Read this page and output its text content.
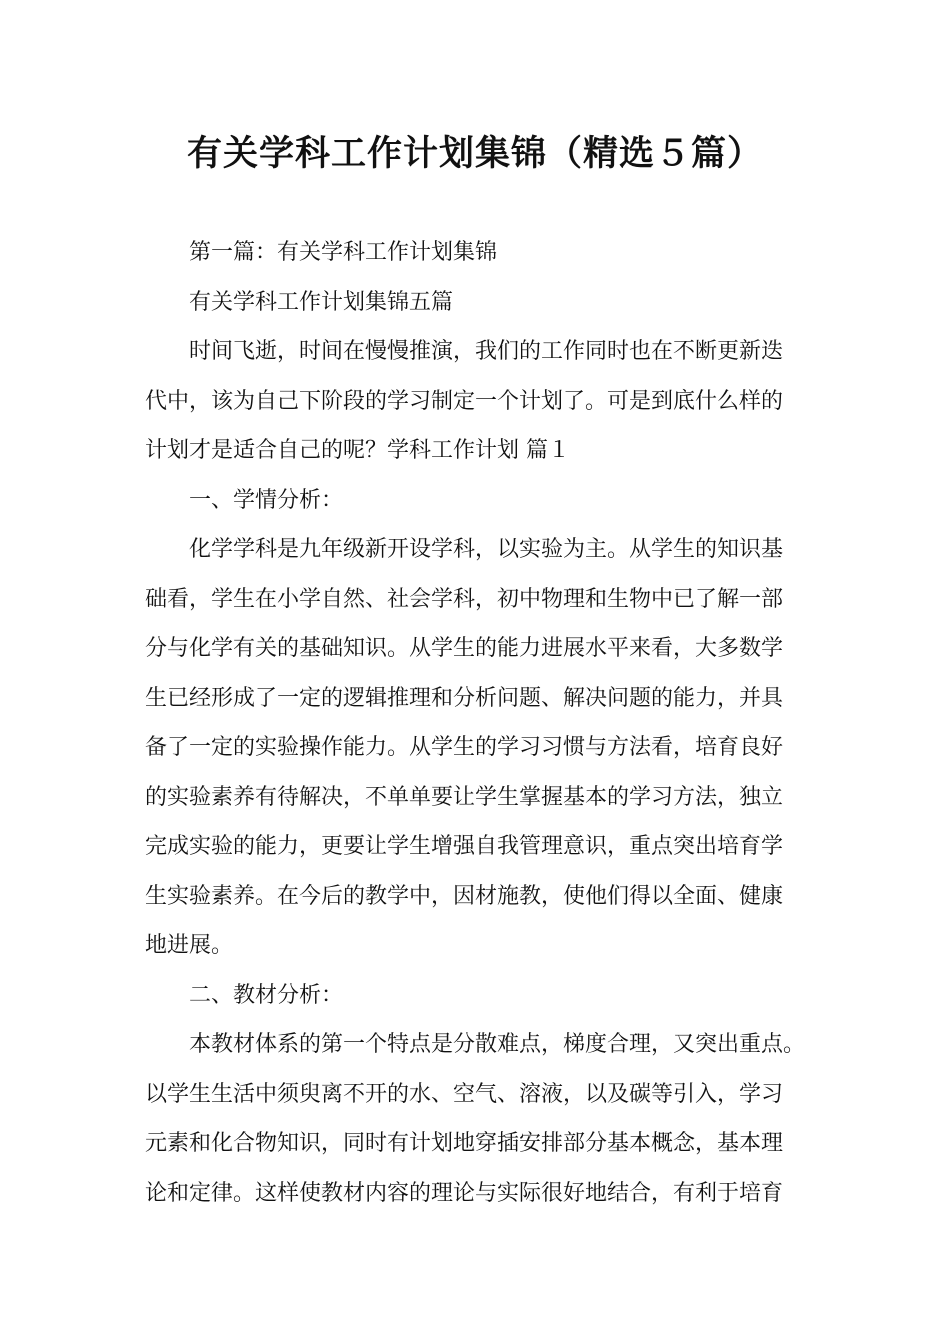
有关学科工作计划集锦（精选５篇）
第一篇：有关学科工作计划集锦
有关学科工作计划集锦五篇
时间飞逝，时间在慢慢推演，我们的工作同时也在不断更新迭
代中，该为自己下阶段的学习制定一个计划了。可是到底什么样的
计划才是适合自己的呢？学科工作计划 篇１
一、学情分析：
化学学科是九年级新开设学科，以实验为主。从学生的知识基
础看，学生在小学自然、社会学科，初中物理和生物中已了解一部
分与化学有关的基础知识。从学生的能力进展水平来看，大多数学
生已经形成了一定的逻辑推理和分析问题、解决问题的能力，并具
备了一定的实验操作能力。从学生的学习习惯与方法看，培育良好
的实验素养有待解决，不单单要让学生掌握基本的学习方法，独立
完成实验的能力，更要让学生增强自我管理意识，重点突出培育学
生实验素养。在今后的教学中，因材施教，使他们得以全面、健康
地进展。
二、教材分析：
本教材体系的第一个特点是分散难点，梯度合理，又突出重点。
以学生生活中须臾离不开的水、空气、溶液，以及碳等引入，学习
元素和化合物知识，同时有计划地穿插安排部分基本概念，基本理
论和定律。这样使教材内容的理论与实际很好地结合，有利于培育
